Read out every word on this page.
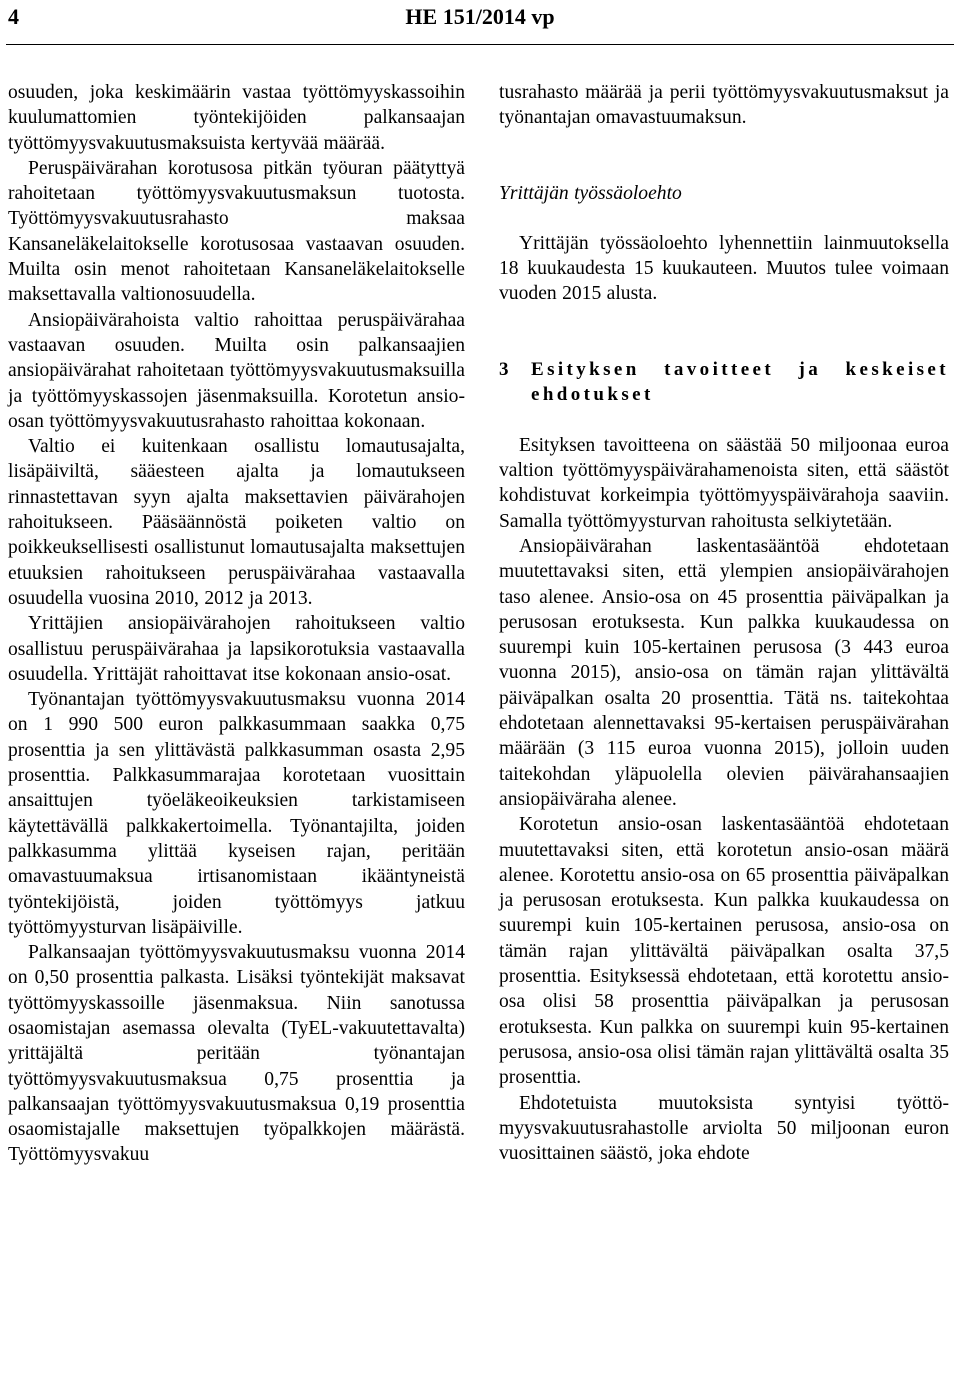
4	HE 151/2014 vp

osuuden, joka keskimäärin vastaa työttömyyskassoihin kuulumattomien työntekijöiden palkansaajan työttömyysvakuutusmaksuista kertyvää määrää.

Peruspäivärahan korotusosa pitkän työuran päätyttyä rahoitetaan työttömyysvakuutusmaksun tuotosta. Työttömyysvakuutusrahasto maksaa Kansaneläkelaitokselle korotusosaa vastaavan osuuden. Muilta osin menot rahoitetaan Kansaneläkelaitokselle maksettavalla valtionosuudella.

Ansiopäivärahoista valtio rahoittaa peruspäivärahaa vastaavan osuuden. Muilta osin palkansaajien ansiopäivärahat rahoitetaan työttömyysvakuutusmaksuilla ja työttömyyskassojen jäsenmaksuilla. Korotetun ansioosan työttömyysvakuutusrahasto rahoittaa kokonaan.

Valtio ei kuitenkaan osallistu lomautusajalta, lisäpäiviltä, sääesteen ajalta ja lomautukseen rinnastettavan syyn ajalta maksettavien päivärahojen rahoitukseen. Pääsäännöstä poiketen valtio on poikkeuksellisesti osallistunut lomautusajalta maksettujen etuuksien rahoitukseen peruspäivärahaa vastaavalla osuudella vuosina 2010, 2012 ja 2013.

Yrittäjien ansiopäivärahojen rahoitukseen valtio osallistuu peruspäivärahaa ja lapsikorotuksia vastaavalla osuudella. Yrittäjät rahoittavat itse kokonaan ansio-osat.

Työnantajan työttömyysvakuutusmaksu vuonna 2014 on 1 990 500 euron palkkasummaan saakka 0,75 prosenttia ja sen ylittävästä palkkasumman osasta 2,95 prosenttia. Palkkasummarajaa korotetaan vuosittain ansaittujen työeläkeoikeuksien tarkistamiseen käytettävällä palkkakertoimella. Työnantajilta, joiden palkkasumma ylittää kyseisen rajan, peritään omavastuumaksua irtisanomistaan ikääntyneistä työntekijöistä, joiden työttömyys jatkuu työttömyysturvan lisäpäiville.

Palkansaajan työttömyysvakuutusmaksu vuonna 2014 on 0,50 prosenttia palkasta. Lisäksi työntekijät maksavat työttömyyskassoille jäsenmaksua. Niin sanotussa osaomistajan asemassa olevalta (TyEL-vakuutettavalta) yrittäjältä peritään työnantajan työttömyysvakuutusmaksua 0,75 prosenttia ja palkansaajan työttömyysvakuutusmaksua 0,19 prosenttia osaomistajalle maksettujen työpalkkojen määrästä. Työttömyysvakuu

tusrahasto määrää ja perii työttömyysvakuutusmaksut ja työnantajan omavastuumaksun.

Yrittäjän työssäoloehto

Yrittäjän työssäoloehto lyhennettiin lainmuutoksella 18 kuukaudesta 15 kuukauteen. Muutos tulee voimaan vuoden 2015 alusta.

3	Esityksen tavoitteet ja keskeiset ehdotukset

Esityksen tavoitteena on säästää 50 miljoonaa euroa valtion työttömyyspäivärahamenoista siten, että säästöt kohdistuvat korkeimpia työttömyyspäivärahoja saaviin. Samalla työttömyysturvan rahoitusta selkiytetään.

Ansiopäivärahan laskentasääntöä ehdotetaan muutettavaksi siten, että ylempien ansiopäivärahojen taso alenee. Ansio-osa on 45 prosenttia päiväpalkan ja perusosan erotuksesta. Kun palkka kuukaudessa on suurempi kuin 105-kertainen perusosa (3 443 euroa vuonna 2015), ansio-osa on tämän rajan ylittävältä päiväpalkan osalta 20 prosenttia. Tätä ns. taitekohtaa ehdotetaan alennettavaksi 95-kertaisen peruspäivärahan määrään (3 115 euroa vuonna 2015), jolloin uuden taitekohdan yläpuolella olevien päivärahansaajien ansiopäiväraha alenee.

Korotetun ansio-osan laskentasääntöä ehdotetaan muutettavaksi siten, että korotetun ansio-osan määrä alenee. Korotettu ansio-osa on 65 prosenttia päiväpalkan ja perusosan erotuksesta. Kun palkka kuukaudessa on suurempi kuin 105-kertainen perusosa, ansio-osa on tämän rajan ylittävältä päiväpalkan osalta 37,5 prosenttia. Esityksessä ehdotetaan, että korotettu ansio-osa olisi 58 prosenttia päiväpalkan ja perusosan erotuksesta. Kun palkka on suurempi kuin 95-kertainen perusosa, ansio-osa olisi tämän rajan ylittävältä osalta 35 prosenttia.

Ehdotetuista muutoksista syntyisi työttömyysvakuutusrahastolle arviolta 50 miljoonan euron vuosittainen säästö, joka ehdote
